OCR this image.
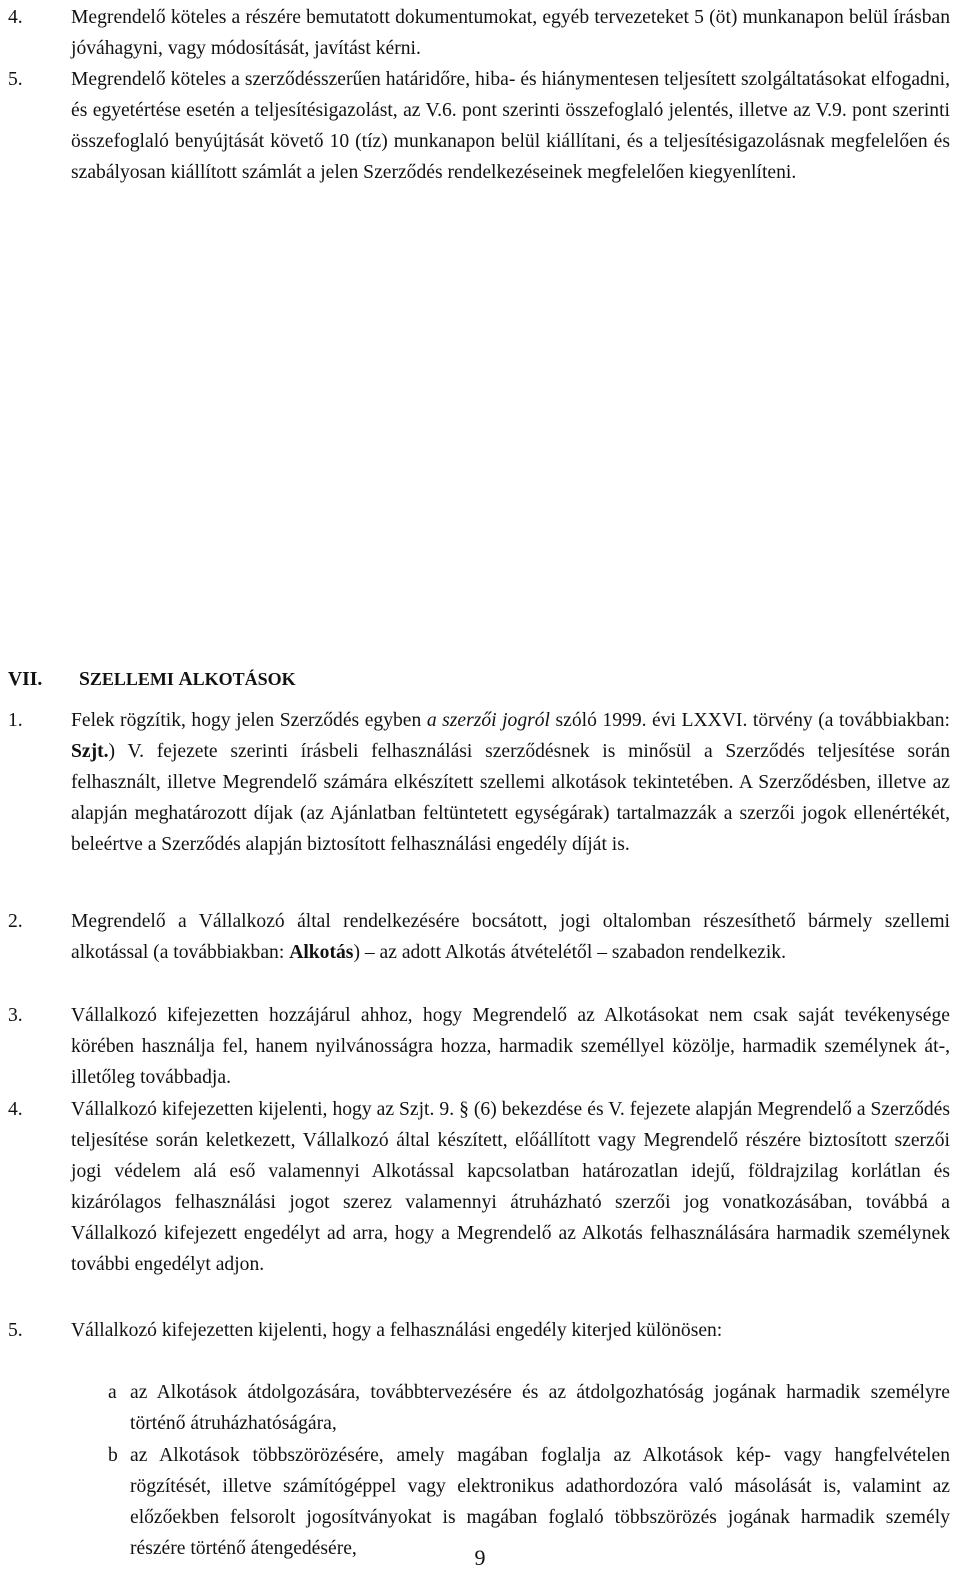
4. Megrendelő köteles a részére bemutatott dokumentumokat, egyéb tervezeteket 5 (öt) munkanapon belül írásban jóváhagyni, vagy módosítását, javítást kérni.
5. Megrendelő köteles a szerződésszerűen határidőre, hiba- és hiánymentesen teljesített szolgáltatásokat elfogadni, és egyetértése esetén a teljesítésigazolást, az V.6. pont szerinti összefoglaló jelentés, illetve az V.9. pont szerinti összefoglaló benyújtását követő 10 (tíz) munkanapon belül kiállítani, és a teljesítésigazolásnak megfelelően és szabályosan kiállított számlát a jelen Szerződés rendelkezéseinek megfelelően kiegyenlíteni.
VII. SZELLEMI ALKOTÁSOK
1. Felek rögzítik, hogy jelen Szerződés egyben a szerzői jogról szóló 1999. évi LXXVI. törvény (a továbbiakban: Szjt.) V. fejezete szerinti írásbeli felhasználási szerződésnek is minősül a Szerződés teljesítése során felhasznált, illetve Megrendelő számára elkészített szellemi alkotások tekintetében. A Szerződésben, illetve az alapján meghatározott díjak (az Ajánlatban feltüntetett egységárak) tartalmazzák a szerzői jogok ellenértékét, beleértve a Szerződés alapján biztosított felhasználási engedély díját is.
2. Megrendelő a Vállalkozó által rendelkezésére bocsátott, jogi oltalomban részesíthető bármely szellemi alkotással (a továbbiakban: Alkotás) – az adott Alkotás átvételétől – szabadon rendelkezik.
3. Vállalkozó kifejezetten hozzájárul ahhoz, hogy Megrendelő az Alkotásokat nem csak saját tevékenysége körében használja fel, hanem nyilvánosságra hozza, harmadik személlyel közölje, harmadik személynek át-, illetőleg továbbadja.
4. Vállalkozó kifejezetten kijelenti, hogy az Szjt. 9. § (6) bekezdése és V. fejezete alapján Megrendelő a Szerződés teljesítése során keletkezett, Vállalkozó által készített, előállított vagy Megrendelő részére biztosított szerzői jogi védelem alá eső valamennyi Alkotással kapcsolatban határozatlan idejű, földrajzilag korlátlan és kizárólagos felhasználási jogot szerez valamennyi átruházható szerzői jog vonatkozásában, továbbá a Vállalkozó kifejezett engedélyt ad arra, hogy a Megrendelő az Alkotás felhasználására harmadik személynek további engedélyt adjon.
5. Vállalkozó kifejezetten kijelenti, hogy a felhasználási engedély kiterjed különösen:
a az Alkotások átdolgozására, továbbtervezésére és az átdolgozhatóság jogának harmadik személyre történő átruházhatóságára,
b az Alkotások többszörözésére, amely magában foglalja az Alkotások kép- vagy hangfelvételen rögzítését, illetve számítógéppel vagy elektronikus adathordozóra való másolását is, valamint az előzőekben felsorolt jogosítványokat is magában foglaló többszörözés jogának harmadik személy részére történő átengedésére,	9
